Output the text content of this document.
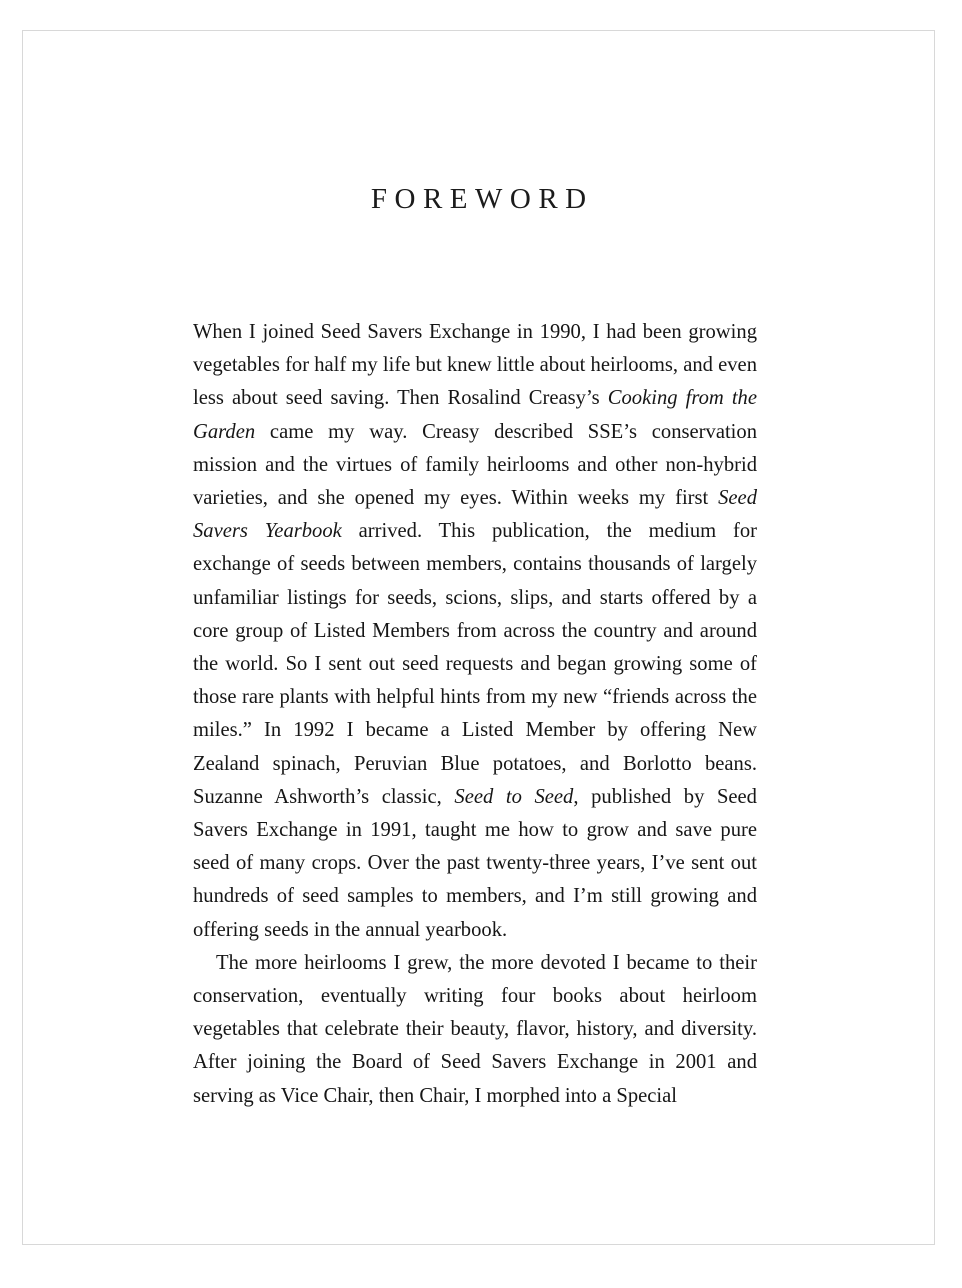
FOREWORD

When I joined Seed Savers Exchange in 1990, I had been growing vegetables for half my life but knew little about heirlooms, and even less about seed saving. Then Rosalind Creasy’s Cooking from the Garden came my way. Creasy described SSE’s conservation mission and the virtues of family heirlooms and other non-hybrid varieties, and she opened my eyes. Within weeks my first Seed Savers Yearbook arrived. This publication, the medium for exchange of seeds between members, contains thousands of largely unfamiliar listings for seeds, scions, slips, and starts offered by a core group of Listed Members from across the country and around the world. So I sent out seed requests and began growing some of those rare plants with helpful hints from my new “friends across the miles.” In 1992 I became a Listed Member by offering New Zealand spinach, Peruvian Blue potatoes, and Borlotto beans. Suzanne Ashworth’s classic, Seed to Seed, published by Seed Savers Exchange in 1991, taught me how to grow and save pure seed of many crops. Over the past twenty-three years, I’ve sent out hundreds of seed samples to members, and I’m still growing and offering seeds in the annual yearbook.

The more heirlooms I grew, the more devoted I became to their conservation, eventually writing four books about heirloom vegetables that celebrate their beauty, flavor, history, and diversity. After joining the Board of Seed Savers Exchange in 2001 and serving as Vice Chair, then Chair, I morphed into a Special
